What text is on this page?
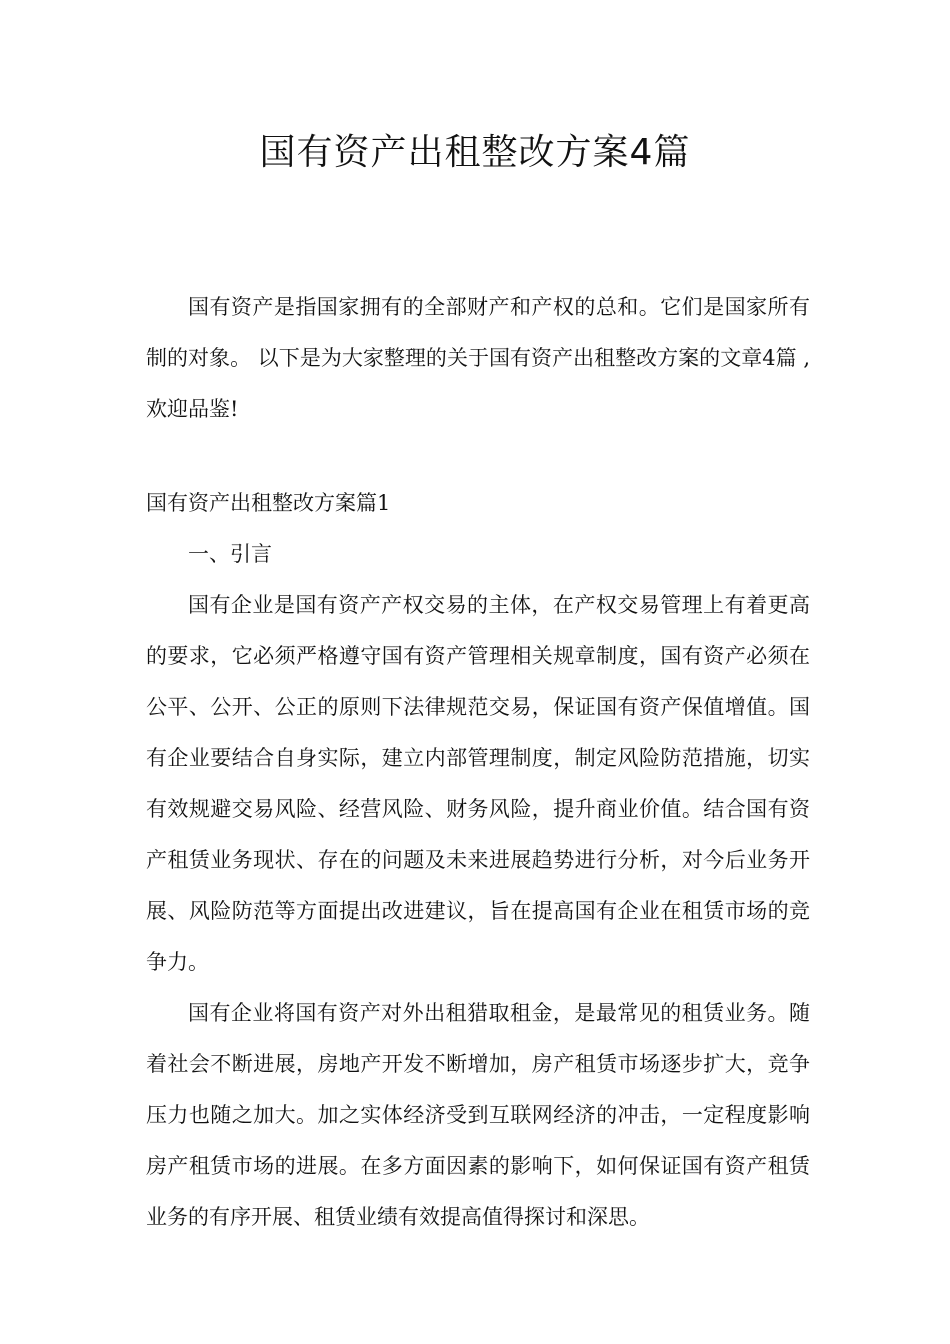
国有资产出租整改方案4篇

国有资产是指国家拥有的全部财产和产权的总和。它们是国家所有制的对象。 以下是为大家整理的关于国有资产出租整改方案的文章4篇 ,欢迎品鉴!

国有资产出租整改方案篇1

一、引言

国有企业是国有资产产权交易的主体，在产权交易管理上有着更高的要求，它必须严格遵守国有资产管理相关规章制度，国有资产必须在公平、公开、公正的原则下法律规范交易，保证国有资产保值增值。国有企业要结合自身实际，建立内部管理制度，制定风险防范措施，切实有效规避交易风险、经营风险、财务风险，提升商业价值。结合国有资产租赁业务现状、存在的问题及未来进展趋势进行分析，对今后业务开展、风险防范等方面提出改进建议，旨在提高国有企业在租赁市场的竞争力。

国有企业将国有资产对外出租猎取租金，是最常见的租赁业务。随着社会不断进展，房地产开发不断增加，房产租赁市场逐步扩大，竞争压力也随之加大。加之实体经济受到互联网经济的冲击，一定程度影响房产租赁市场的进展。在多方面因素的影响下，如何保证国有资产租赁业务的有序开展、租赁业绩有效提高值得探讨和深思。
